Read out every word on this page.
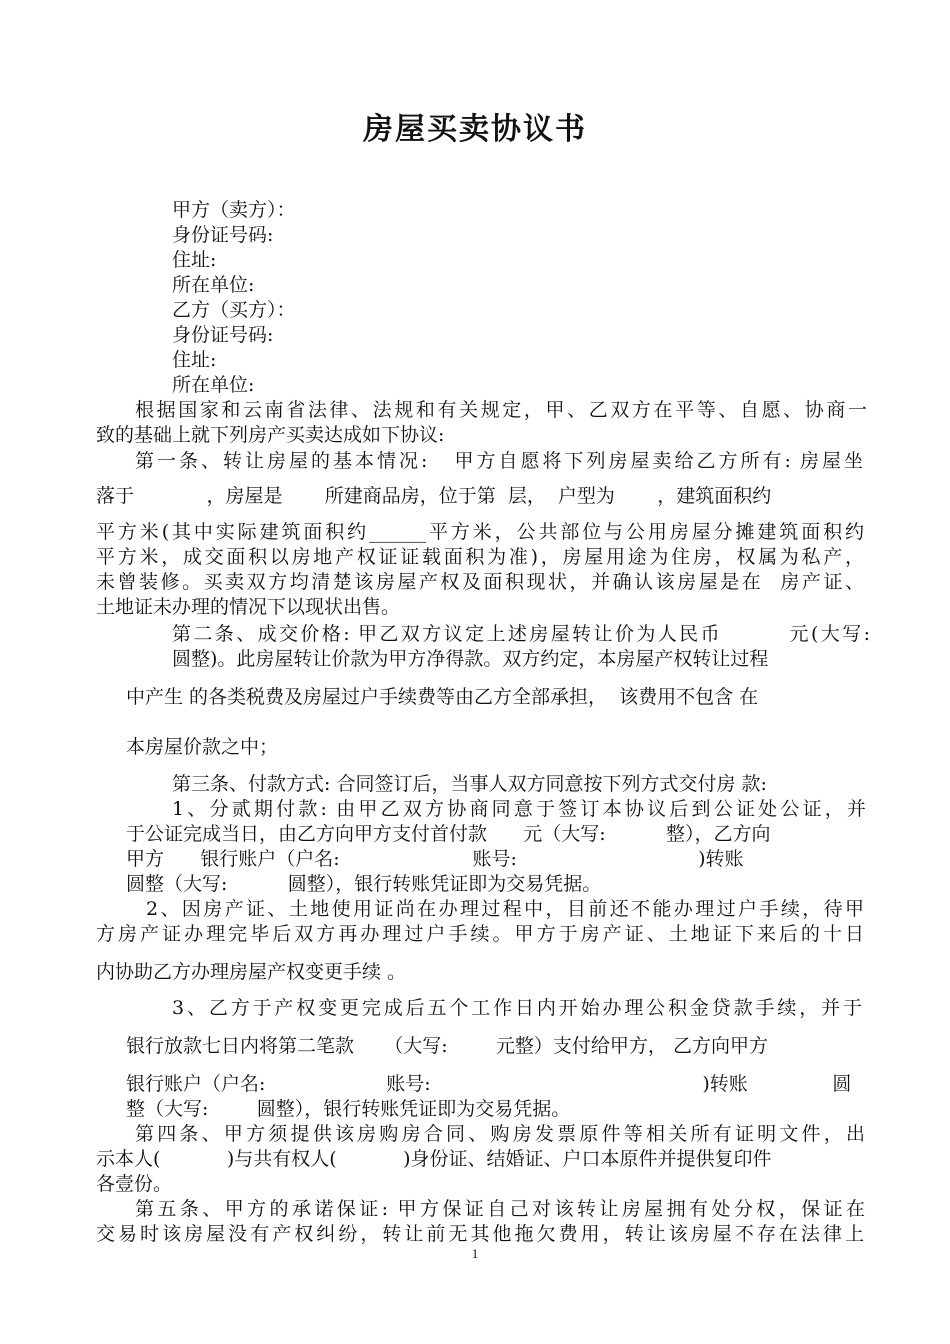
房屋买卖协议书
甲方（卖方）：
身份证号码:
住址:
所在单位:
乙方（买方）：
身份证号码:
住址:
所在单位:
根据国家和云南省法律、法规和有关规定，甲、乙双方在平等、自愿、协商一
致的基础上就下列房产买卖达成如下协议:
第一条、转让房屋的基本情况:   甲方自愿将下列房屋卖给乙方所有: 房屋坐
落于            ，房屋是       所建商品房，位于第  层，  户型为       ，建筑面积约
平方米(其中实际建筑面积约______平方米，公共部位与公用房屋分摊建筑面积约
平方米，成交面积以房地产权证证载面积为准)，房屋用途为住房，权属为私产，
未曾装修。买卖双方均清楚该房屋产权及面积现状，并确认该房屋是在  房产证、
土地证未办理的情况下以现状出售。
第二条、成交价格: 甲乙双方议定上述房屋转让价为人民币        元(大写:
圆整)。此房屋转让价款为甲方净得款。双方约定，本房屋产权转让过程
中产生 的各类税费及房屋过户手续费等由乙方全部承担，  该费用不包含 在
本房屋价款之中；
第三条、付款方式: 合同签订后，当事人双方同意按下列方式交付房 款:
1、分贰期付款: 由甲乙双方协商同意于签订本协议后到公证处公证，并
于公证完成当日，由乙方向甲方支付首付款      元（大写:          整），乙方向
甲方      银行账户（户名:                      账号:                              )转账
圆整（大写:          圆整），银行转账凭证即为交易凭据。
2、因房产证、土地使用证尚在办理过程中，目前还不能办理过户手续，待甲
方房产证办理完毕后双方再办理过户手续。甲方于房产证、土地证下来后的十日
内协助乙方办理房屋产权变更手续 。
3、乙方于产权变更完成后五个工作日内开始办理公积金贷款手续，并于
银行放款七日内将第二笔款     （大写:        元整）支付给甲方， 乙方向甲方
银行账户（户名:                    账号:                                             )转账              圆
整（大写:        圆整），银行转账凭证即为交易凭据。
第四条、甲方须提供该房购房合同、购房发票原件等相关所有证明文件，出
示本人(           )与共有权人(           )身份证、结婚证、户口本原件并提供复印件
各壹份。
第五条、甲方的承诺保证: 甲方保证自己对该转让房屋拥有处分权，保证在
交易时该房屋没有产权纠纷，转让前无其他拖欠费用，转让该房屋不存在法律上
1
